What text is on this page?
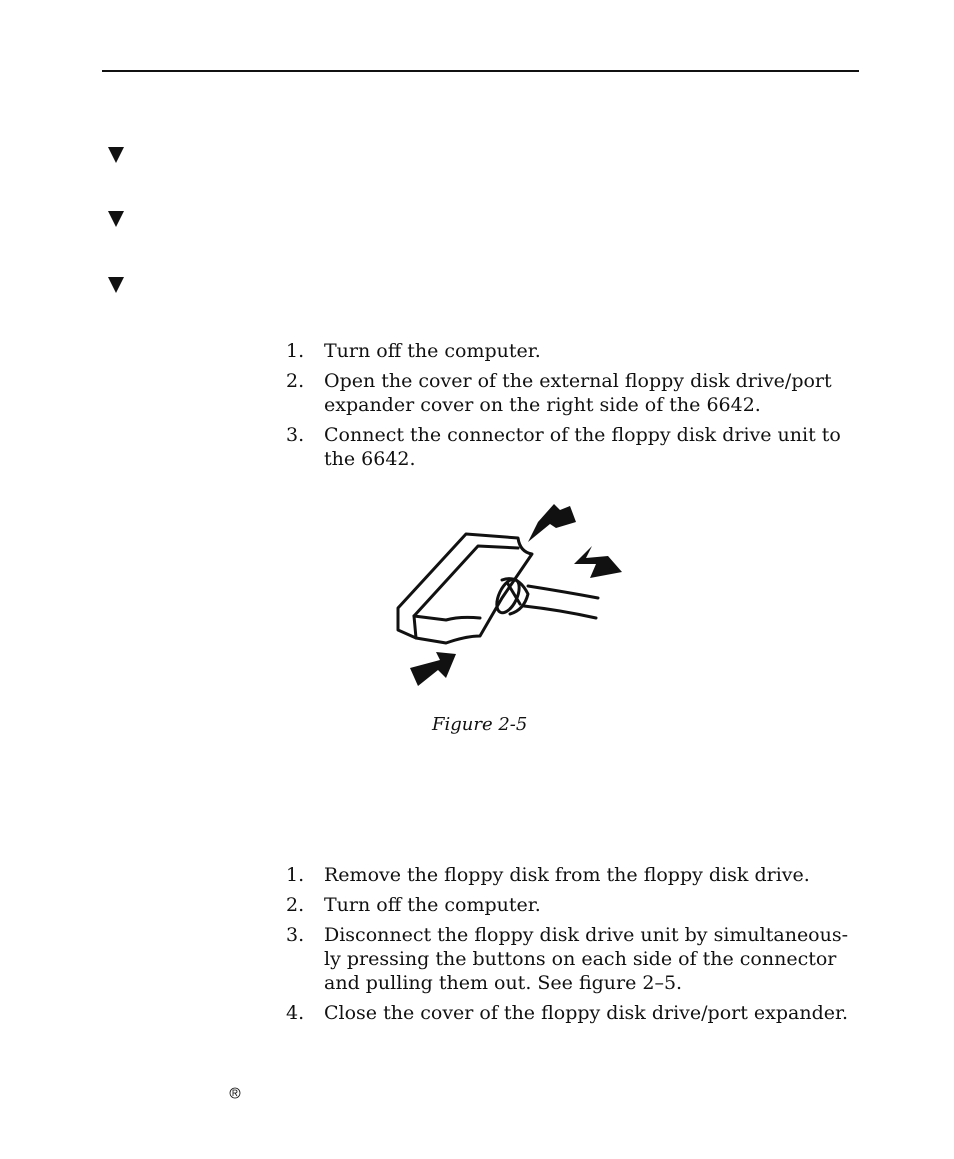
1. Turn off the computer.
2. Open the cover of the external floppy disk drive/port expander cover on the right side of the 6642.
3. Connect the connector of the floppy disk drive unit to the 6642.
Figure 2-5
1. Remove the floppy disk from the floppy disk drive.
2. Turn off the computer.
3. Disconnect the floppy disk drive unit by simultaneous- ly pressing the buttons on each side of the connector and pulling them out. See figure 2–5.
4. Close the cover of the floppy disk drive/port expander.
